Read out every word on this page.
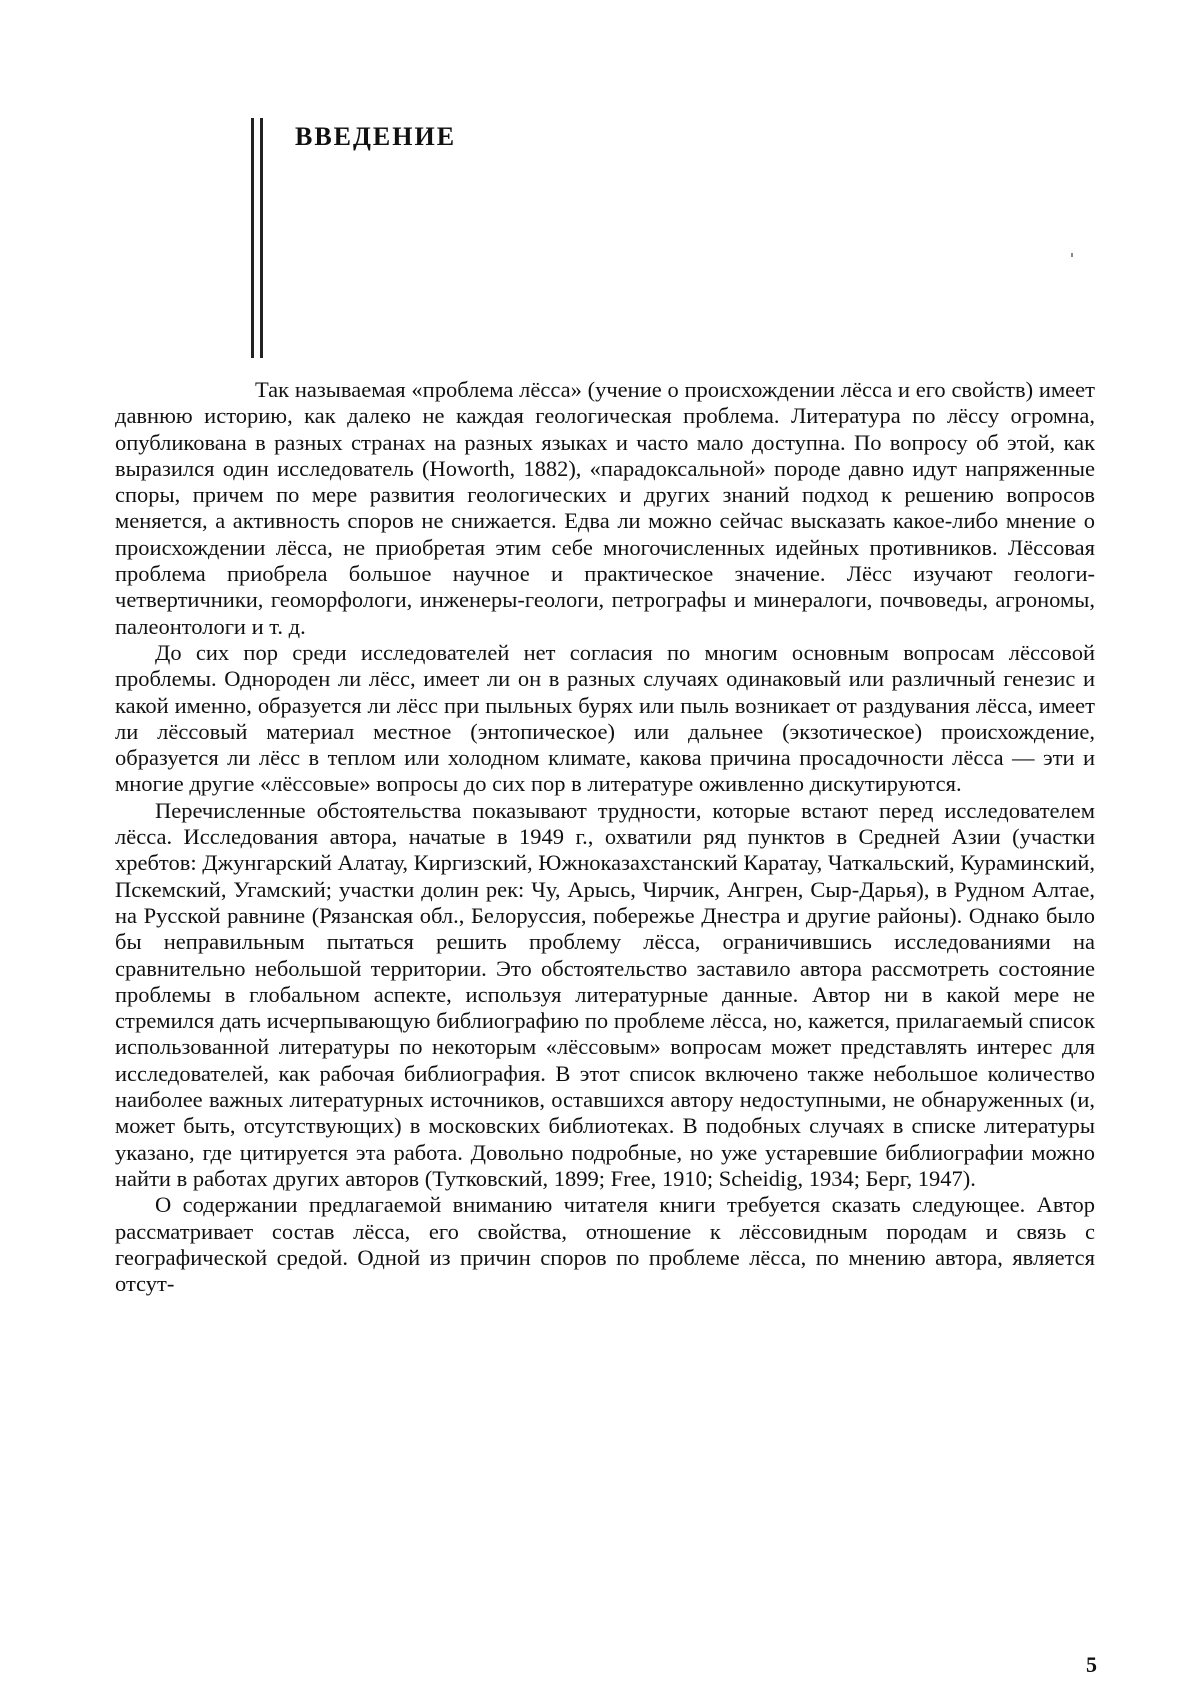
ВВЕДЕНИЕ

Так называемая «проблема лёсса» (учение о происхождении лёсса и его свойств) имеет давнюю историю, как далеко не каждая геологическая проблема. Литература по лёссу огромна, опубликована в разных странах на разных языках и часто мало доступна. По вопросу об этой, как выразился один исследователь (Howorth, 1882), «парадоксальной» породе давно идут напряженные споры, причем по мере развития геологических и других знаний подход к решению вопросов меняется, а активность споров не снижается. Едва ли можно сейчас высказать какое-либо мнение о происхождении лёсса, не приобретая этим себе многочисленных идейных противников. Лёссовая проблема приобрела большое научное и практическое значение. Лёсс изучают геологи-четвертичники, геоморфологи, инженеры-геологи, петрографы и минералоги, почвоведы, агрономы, палеонтологи и т. д.

До сих пор среди исследователей нет согласия по многим основным вопросам лёссовой проблемы. Однороден ли лёсс, имеет ли он в разных случаях одинаковый или различный генезис и какой именно, образуется ли лёсс при пыльных бурях или пыль возникает от раздувания лёсса, имеет ли лёссовый материал местное (энтопическое) или дальнее (экзотическое) происхождение, образуется ли лёсс в теплом или холодном климате, какова причина просадочности лёсса — эти и многие другие «лёссовые» вопросы до сих пор в литературе оживленно дискутируются.

Перечисленные обстоятельства показывают трудности, которые встают перед исследователем лёсса. Исследования автора, начатые в 1949 г., охватили ряд пунктов в Средней Азии (участки хребтов: Джунгарский Алатау, Киргизский, Южноказахстанский Каратау, Чаткальский, Кураминский, Пскемский, Угамский; участки долин рек: Чу, Арысь, Чирчик, Ангрен, Сыр-Дарья), в Рудном Алтае, на Русской равнине (Рязанская обл., Белоруссия, побережье Днестра и другие районы). Однако было бы неправильным пытаться решить проблему лёсса, ограничившись исследованиями на сравнительно небольшой территории. Это обстоятельство заставило автора рассмотреть состояние проблемы в глобальном аспекте, используя литературные данные. Автор ни в какой мере не стремился дать исчерпывающую библиографию по проблеме лёсса, но, кажется, прилагаемый список использованной литературы по некоторым «лёссовым» вопросам может представлять интерес для исследователей, как рабочая библиография. В этот список включено также небольшое количество наиболее важных литературных источников, оставшихся автору недоступными, не обнаруженных (и, может быть, отсутствующих) в московских библиотеках. В подобных случаях в списке литературы указано, где цитируется эта работа. Довольно подробные, но уже устаревшие библиографии можно найти в работах других авторов (Тутковский, 1899; Free, 1910; Scheidig, 1934; Берг, 1947).

О содержании предлагаемой вниманию читателя книги требуется сказать следующее. Автор рассматривает состав лёсса, его свойства, отношение к лёссовидным породам и связь с географической средой. Одной из причин споров по проблеме лёсса, по мнению автора, является отсут-

5
